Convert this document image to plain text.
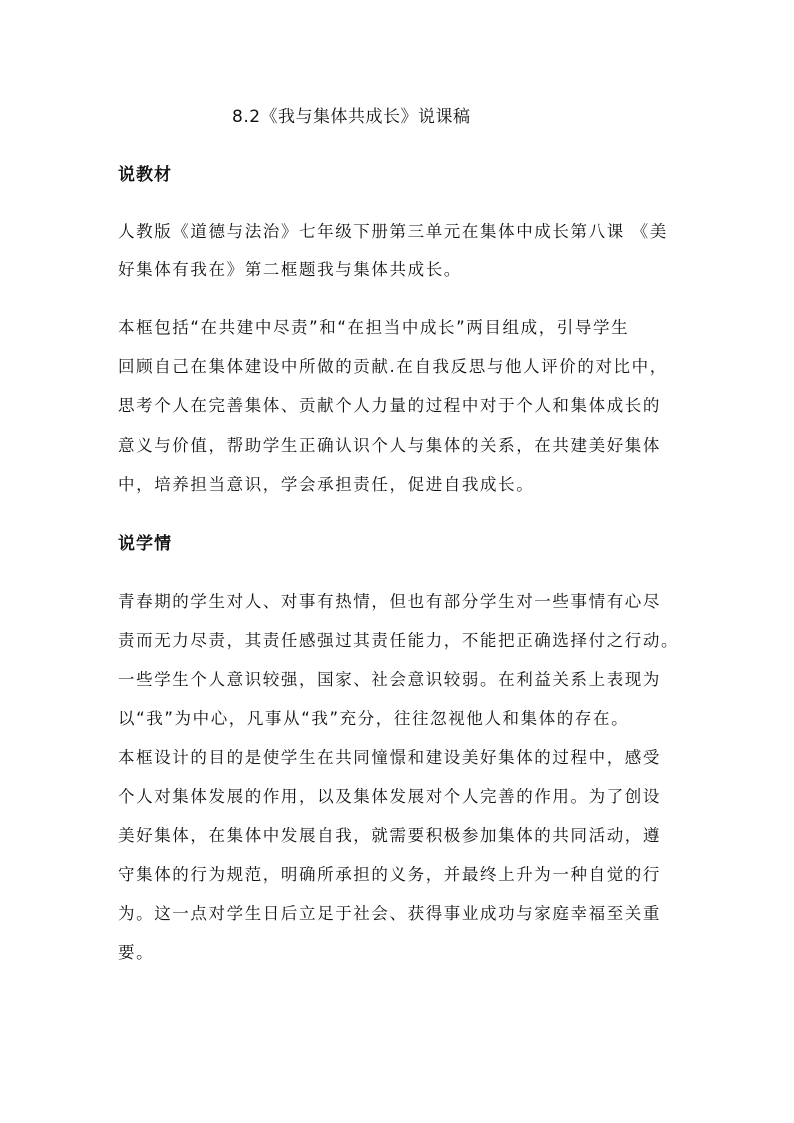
8.2《我与集体共成长》说课稿
说教材
人教版《道德与法治》七年级下册第三单元在集体中成长第八课 《美
好集体有我在》第二框题我与集体共成长。
本框包括“在共建中尽责”和“在担当中成长”两目组成，引导学生
回顾自己在集体建设中所做的贡献.在自我反思与他人评价的对比中，
思考个人在完善集体、贡献个人力量的过程中对于个人和集体成长的
意义与价值，帮助学生正确认识个人与集体的关系，在共建美好集体
中，培养担当意识，学会承担责任，促进自我成长。
说学情
青春期的学生对人、对事有热情，但也有部分学生对一些事情有心尽
责而无力尽责，其责任感强过其责任能力，不能把正确选择付之行动。
一些学生个人意识较强，国家、社会意识较弱。在利益关系上表现为
以“我”为中心，凡事从“我”充分，往往忽视他人和集体的存在。
本框设计的目的是使学生在共同憧憬和建设美好集体的过程中，感受
个人对集体发展的作用，以及集体发展对个人完善的作用。为了创设
美好集体，在集体中发展自我，就需要积极参加集体的共同活动，遵
守集体的行为规范，明确所承担的义务，并最终上升为一种自觉的行
为。这一点对学生日后立足于社会、获得事业成功与家庭幸福至关重
要。
